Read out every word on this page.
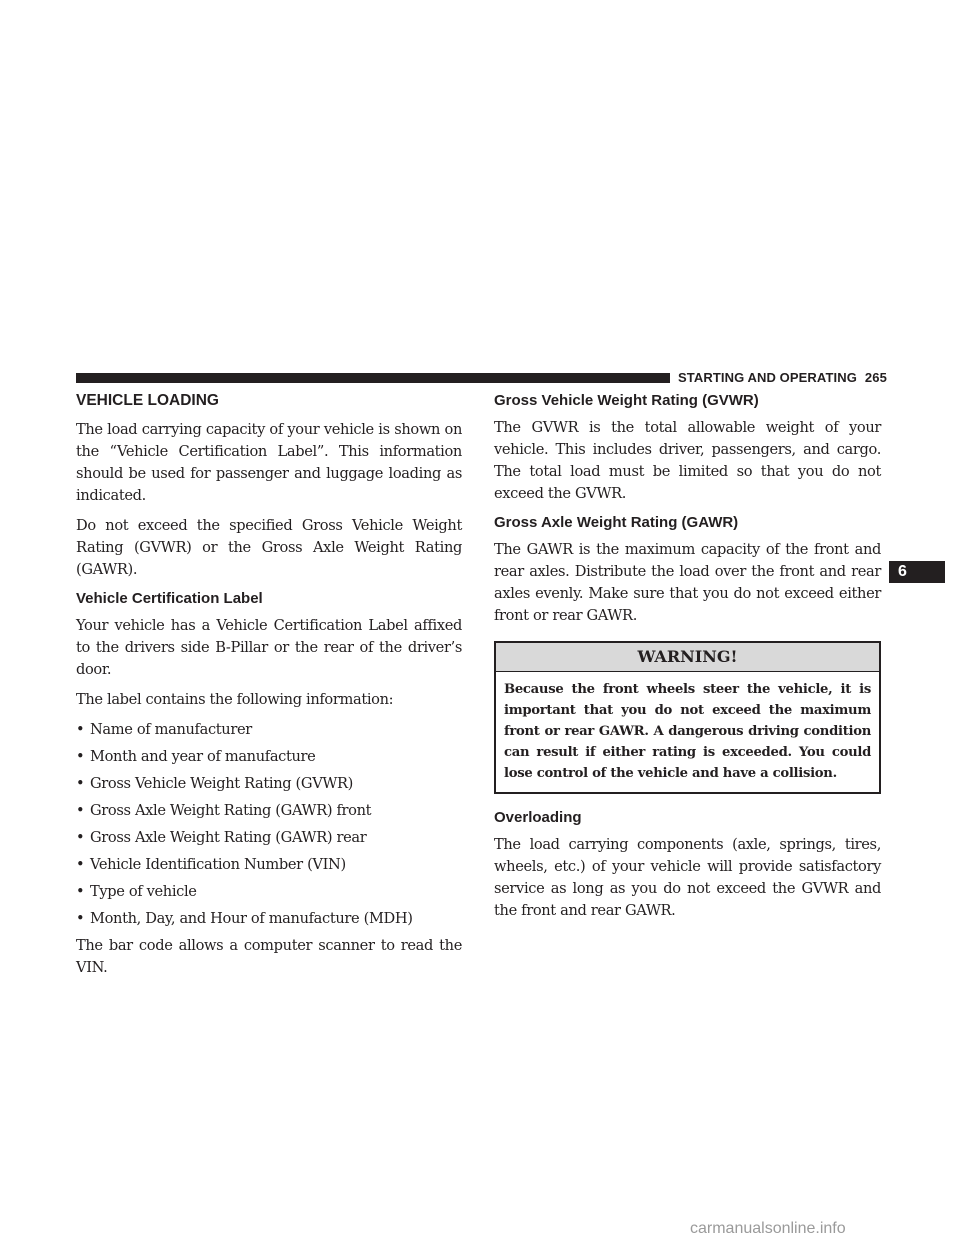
STARTING AND OPERATING 265
VEHICLE LOADING

The load carrying capacity of your vehicle is shown on the “Vehicle Certification Label”. This information should be used for passenger and luggage loading as indicated.

Do not exceed the specified Gross Vehicle Weight Rating (GVWR) or the Gross Axle Weight Rating (GAWR).

Vehicle Certification Label

Your vehicle has a Vehicle Certification Label affixed to the drivers side B-Pillar or the rear of the driver’s door.

The label contains the following information:

• Name of manufacturer
• Month and year of manufacture
• Gross Vehicle Weight Rating (GVWR)
• Gross Axle Weight Rating (GAWR) front
• Gross Axle Weight Rating (GAWR) rear
• Vehicle Identification Number (VIN)
• Type of vehicle
• Month, Day, and Hour of manufacture (MDH)

The bar code allows a computer scanner to read the VIN.

Gross Vehicle Weight Rating (GVWR)

The GVWR is the total allowable weight of your vehicle. This includes driver, passengers, and cargo. The total load must be limited so that you do not exceed the GVWR.

Gross Axle Weight Rating (GAWR)

The GAWR is the maximum capacity of the front and rear axles. Distribute the load over the front and rear axles evenly. Make sure that you do not exceed either front or rear GAWR.

WARNING!
Because the front wheels steer the vehicle, it is important that you do not exceed the maximum front or rear GAWR. A dangerous driving condition can result if either rating is exceeded. You could lose control of the vehicle and have a collision.
Overloading

The load carrying components (axle, springs, tires, wheels, etc.) of your vehicle will provide satisfactory service as long as you do not exceed the GVWR and the front and rear GAWR.

6
carmanualsonline.info
